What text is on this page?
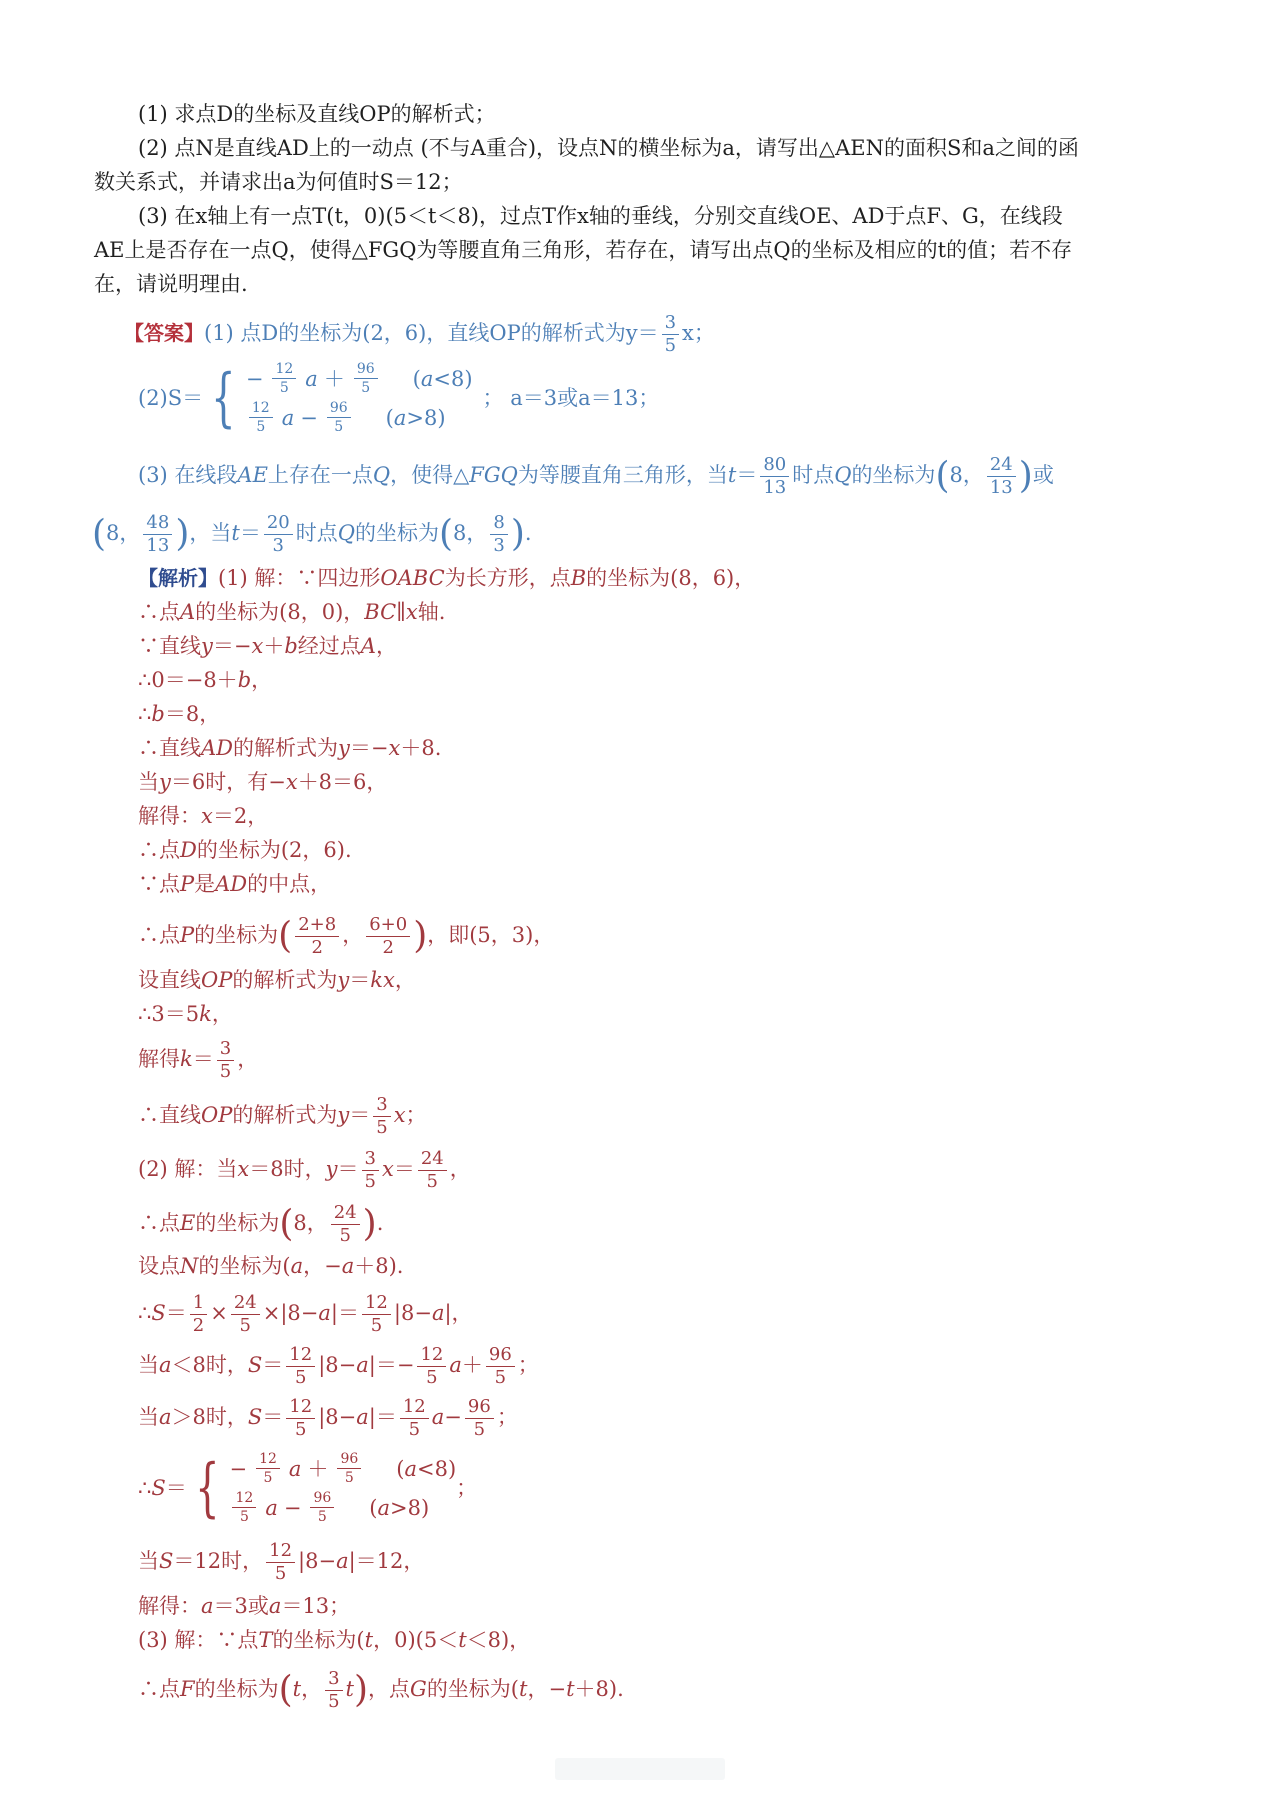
(1) 求点D的坐标及直线OP的解析式；
(2) 点N是直线AD上的一动点 (不与A重合)，设点N的横坐标为a，请写出△AEN的面积S和a之间的函
数关系式，并请求出a为何值时S＝12；
(3) 在x轴上有一点T(t，0)(5＜t＜8)，过点T作x轴的垂线，分别交直线OE、AD于点F、G，在线段
AE上是否存在一点Q，使得△FGQ为等腰直角三角形，若存在，请写出点Q的坐标及相应的t的值；若不存
在，请说明理由.
【答案】(1) 点D的坐标为(2，6)，直线OP的解析式为$y= \frac{3}{5}$ x；
(2)S＝ { − $\frac{12}{5}$ $a + \frac{96}{5} (a<8)$
$\frac{12}{5}$ $a - \frac{96}{5} (a>8)$
； a＝3或a＝13；
(3) 在线段AE上存在一点Q，使得△FGQ为等腰直角三角形，当$t= \frac{80}{13}$ 时点Q的坐标为(8， $\frac{24}{13}$ )或
(8， $\frac{48}{13}$ )，当$t= \frac{20}{3}$ 时点Q的坐标为(8， $\frac{8}{3}$ ).
【解析】(1) 解：∵四边形OABC为长方形，点B的坐标为(8，6)，
∴点A的坐标为(8，0)，BC∥x轴.
∵直线y＝−x＋b经过点A，
∴0＝−8＋b，
∴b＝8，
∴直线AD的解析式为y＝−x＋8.
当y＝6时，有−x＋8＝6，
解得：x＝2，
∴点D的坐标为(2，6).
∵点P是AD的中点，
∴点P的坐标为( $\frac{2+8}{2}$ ， $\frac{6+0}{2}$ )，即(5，3)，
设直线OP的解析式为y＝kx，
∴3＝5k，
解得$k= \frac{3}{5}$ ，
∴直线OP的解析式为$y= \frac{3}{5}$ x；
(2) 解：当x＝8时，$y= \frac{3}{5} x= \frac{24}{5}$ ，
∴点E的坐标为(8， $\frac{24}{5}$ ).
设点N的坐标为(a，−a＋8).
∴S＝ $\frac{1}{2} \times \frac{24}{5} \times|8-a|= \frac{12}{5} |8-a|$，
当a＜8时，$S= \frac{12}{5} |8-a|=- \frac{12}{5} a+ \frac{96}{5}$ ；
当a＞8时，$S= \frac{12}{5} |8-a|= \frac{12}{5} a- \frac{96}{5}$ ；
∴ S ＝ { − $\frac{12}{5}$ $a + \frac{96}{5} (a<8)$
$\frac{12}{5}$ $a - \frac{96}{5} (a>8)$
；
当S＝12时， $\frac{12}{5} |8-a|=12$，
解得：a＝3或a＝13；
(3) 解：∵点T的坐标为(t，0)(5＜t＜8)，
∴点F的坐标为(t， $\frac{3}{5} t$)，点G的坐标为(t，−t＋8).
